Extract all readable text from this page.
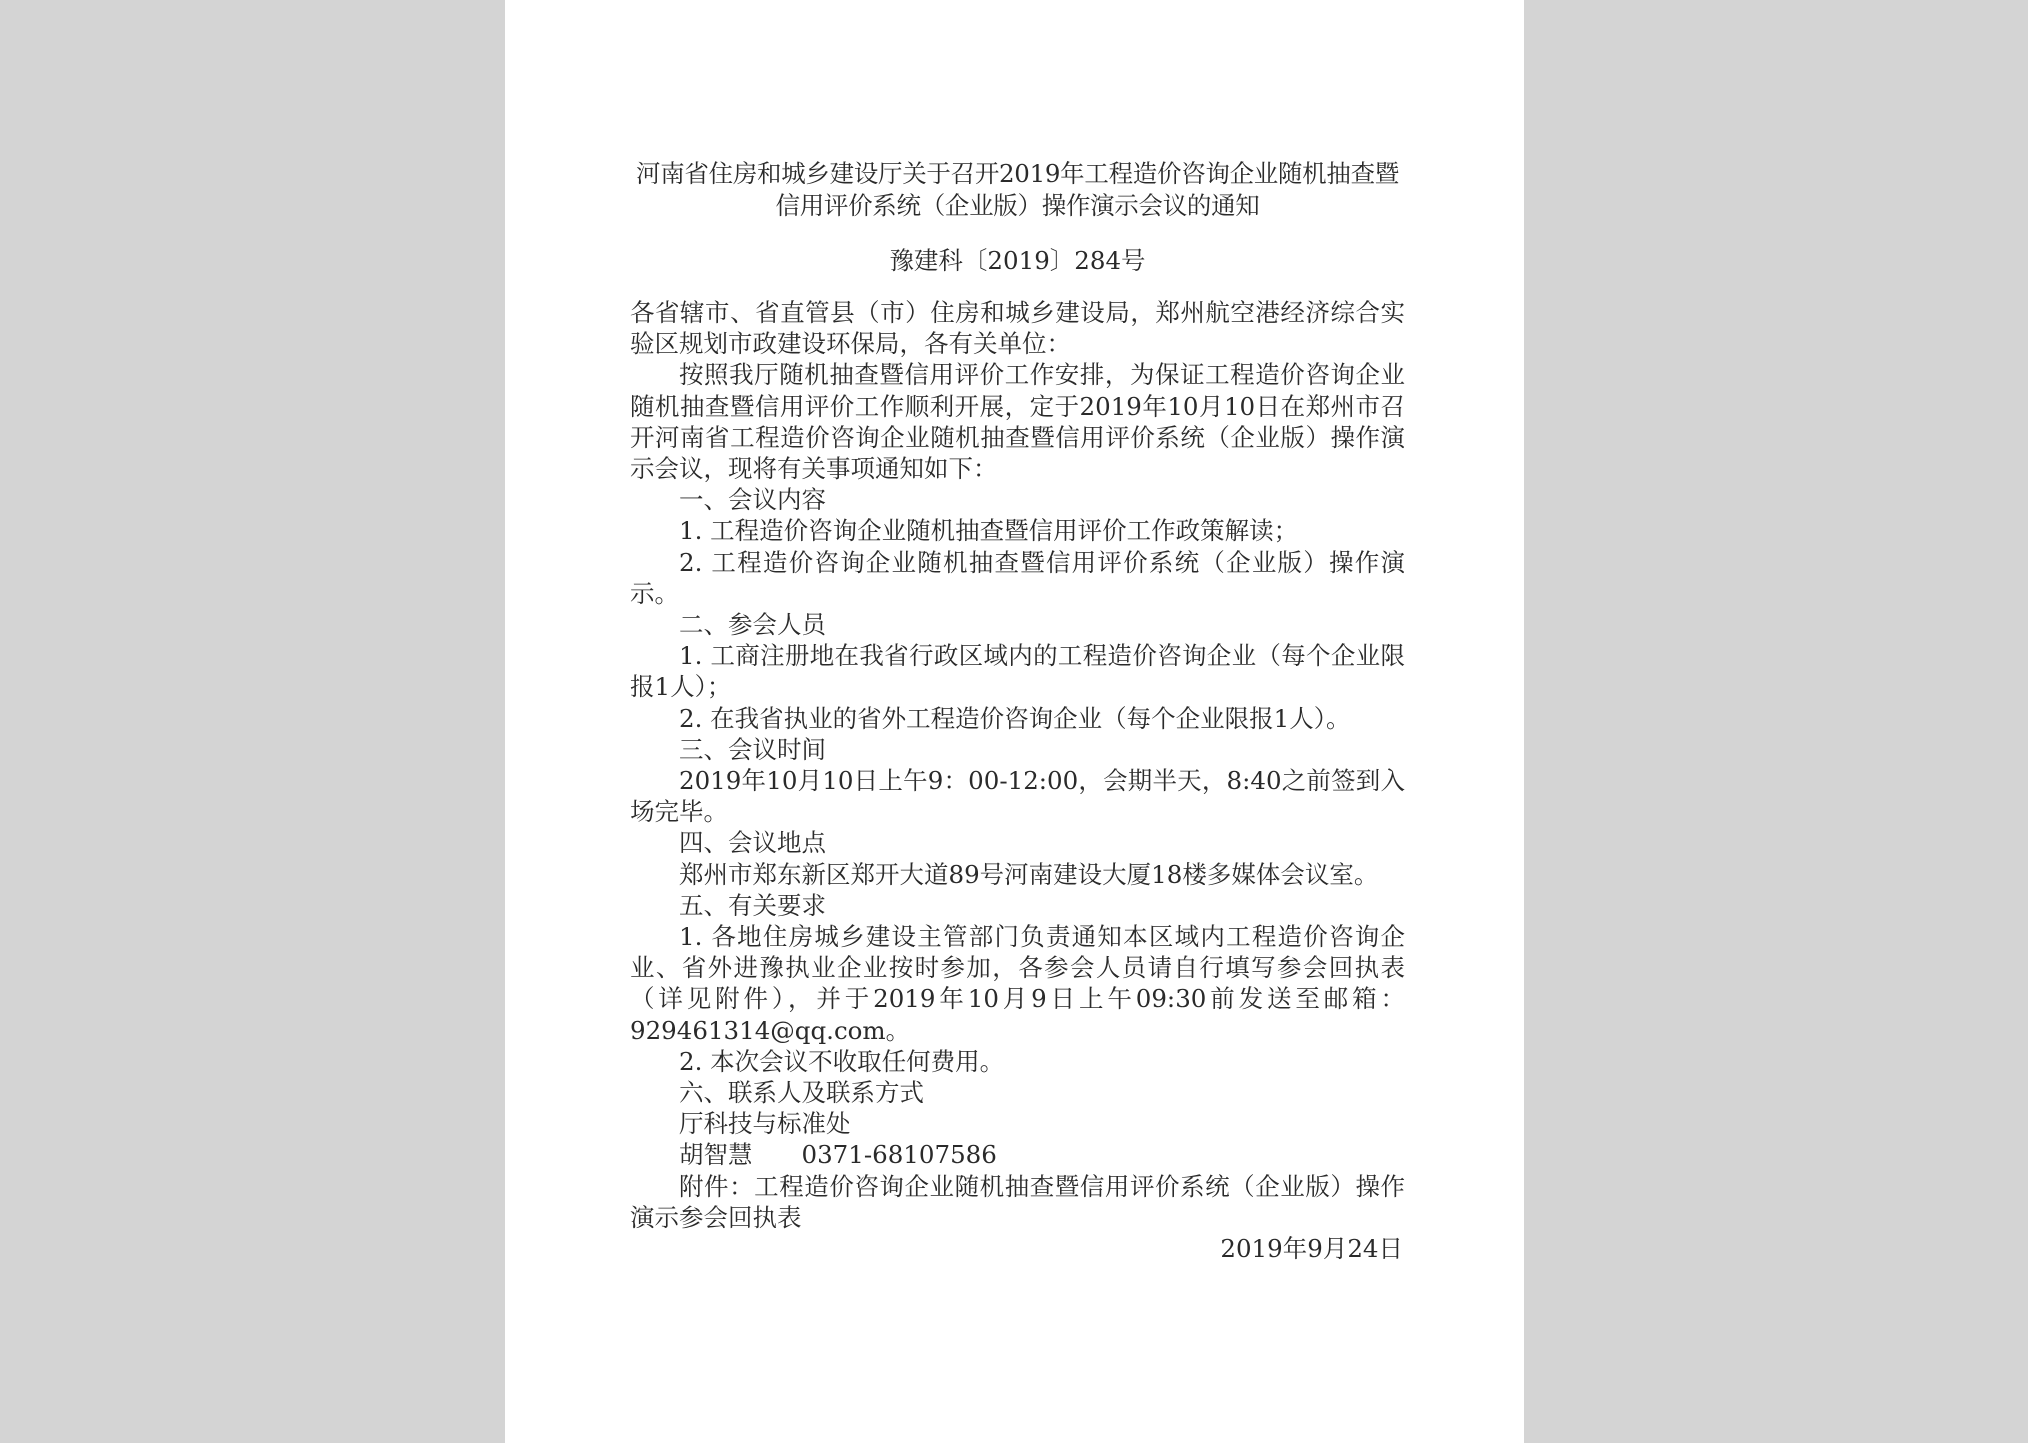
河南省住房和城乡建设厅关于召开2019年工程造价咨询企业随机抽查暨
信用评价系统（企业版）操作演示会议的通知

豫建科〔2019〕284号

各省辖市、省直管县（市）住房和城乡建设局，郑州航空港经济综合实验区规划市政建设环保局，各有关单位：

按照我厅随机抽查暨信用评价工作安排，为保证工程造价咨询企业随机抽查暨信用评价工作顺利开展，定于2019年10月10日在郑州市召开河南省工程造价咨询企业随机抽查暨信用评价系统（企业版）操作演示会议，现将有关事项通知如下：

一、会议内容

1. 工程造价咨询企业随机抽查暨信用评价工作政策解读；

2. 工程造价咨询企业随机抽查暨信用评价系统（企业版）操作演示。

二、参会人员

1. 工商注册地在我省行政区域内的工程造价咨询企业（每个企业限报1人）；

2. 在我省执业的省外工程造价咨询企业（每个企业限报1人）。

三、会议时间

2019年10月10日上午9：00-12:00，会期半天，8:40之前签到入场完毕。

四、会议地点

郑州市郑东新区郑开大道89号河南建设大厦18楼多媒体会议室。

五、有关要求

1. 各地住房城乡建设主管部门负责通知本区域内工程造价咨询企业、省外进豫执业企业按时参加，各参会人员请自行填写参会回执表（详见附件），并于2019年10月9日上午09:30前发送至邮箱：929461314@qq.com。

2. 本次会议不收取任何费用。

六、联系人及联系方式

厅科技与标准处

胡智慧　　0371-68107586

附件：工程造价咨询企业随机抽查暨信用评价系统（企业版）操作演示参会回执表

2019年9月24日
